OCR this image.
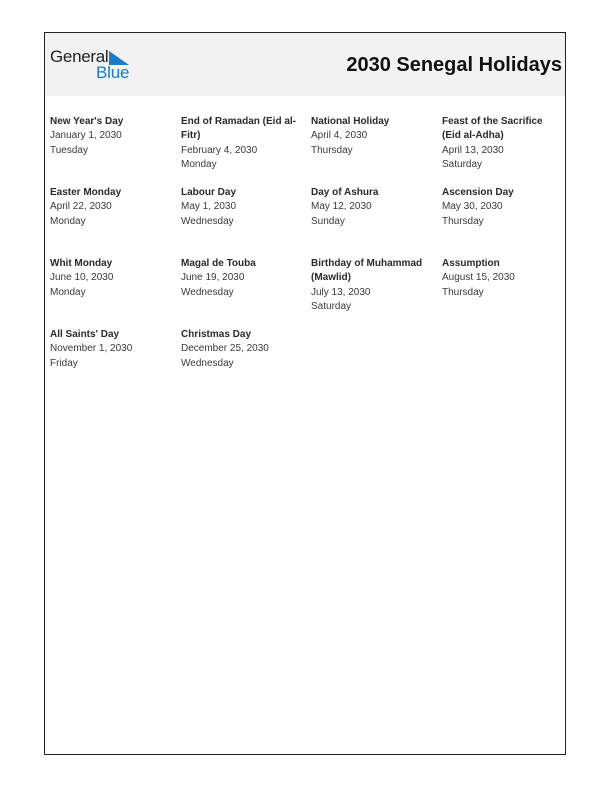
General
Blue	2030 Senegal Holidays
New Year's Day
January 1, 2030
Tuesday
End of Ramadan (Eid al-Fitr)
February 4, 2030
Monday
National Holiday
April 4, 2030
Thursday
Feast of the Sacrifice (Eid al-Adha)
April 13, 2030
Saturday
Easter Monday
April 22, 2030
Monday
Labour Day
May 1, 2030
Wednesday
Day of Ashura
May 12, 2030
Sunday
Ascension Day
May 30, 2030
Thursday
Whit Monday
June 10, 2030
Monday
Magal de Touba
June 19, 2030
Wednesday
Birthday of Muhammad (Mawlid)
July 13, 2030
Saturday
Assumption
August 15, 2030
Thursday
All Saints' Day
November 1, 2030
Friday
Christmas Day
December 25, 2030
Wednesday
